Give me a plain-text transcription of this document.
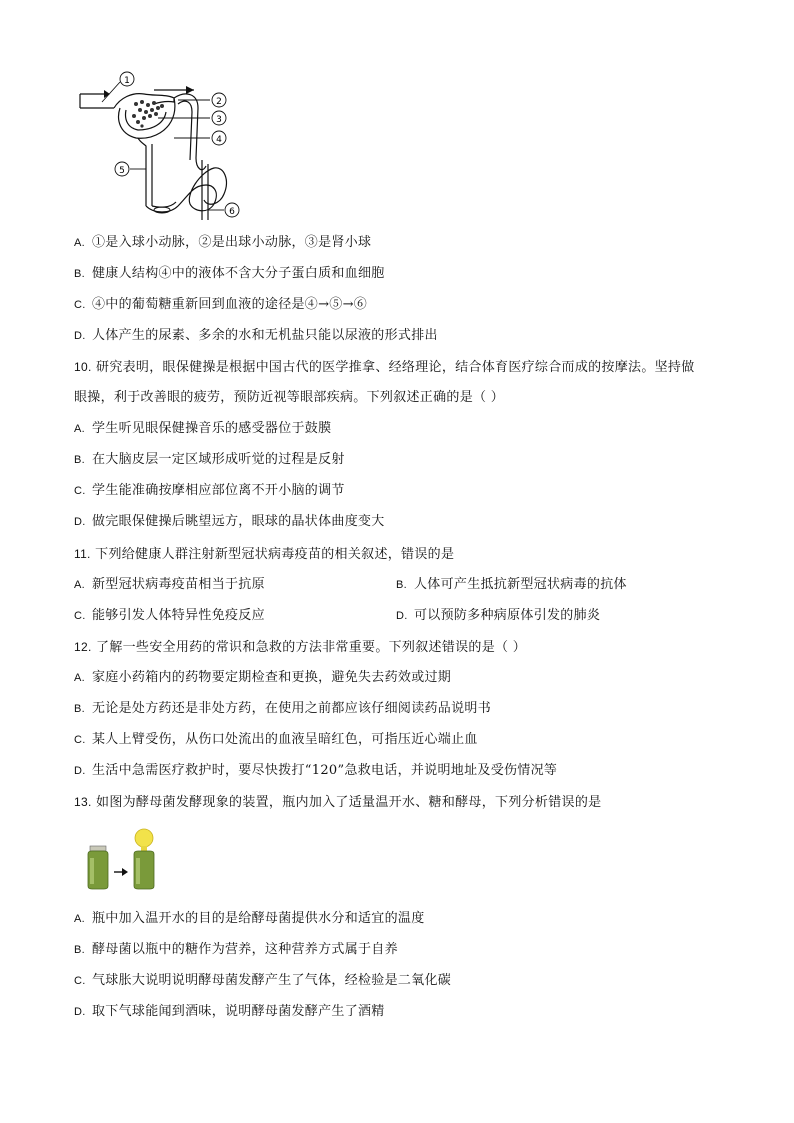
1
2
3
4
5
6
A. ①是入球小动脉，②是出球小动脉，③是肾小球
B. 健康人结构④中的液体不含大分子蛋白质和血细胞
C. ④中的葡萄糖重新回到血液的途径是④→⑤→⑥
D. 人体产生的尿素、多余的水和无机盐只能以尿液的形式排出
10. 研究表明，眼保健操是根据中国古代的医学推拿、经络理论，结合体育医疗综合而成的按摩法。坚持做
眼操，利于改善眼的疲劳，预防近视等眼部疾病。下列叙述正确的是（ ）
A. 学生听见眼保健操音乐的感受器位于鼓膜
B. 在大脑皮层一定区域形成听觉的过程是反射
C. 学生能准确按摩相应部位离不开小脑的调节
D. 做完眼保健操后眺望远方，眼球的晶状体曲度变大
11. 下列给健康人群注射新型冠状病毒疫苗的相关叙述，错误的是
A. 新型冠状病毒疫苗相当于抗原	B. 人体可产生抵抗新型冠状病毒的抗体
C. 能够引发人体特异性免疫反应	D. 可以预防多种病原体引发的肺炎
12. 了解一些安全用药的常识和急救的方法非常重要。下列叙述错误的是（ ）
A. 家庭小药箱内的药物要定期检查和更换，避免失去药效或过期
B. 无论是处方药还是非处方药，在使用之前都应该仔细阅读药品说明书
C. 某人上臂受伤，从伤口处流出的血液呈暗红色，可指压近心端止血
D. 生活中急需医疗救护时，要尽快拨打“120”急救电话，并说明地址及受伤情况等
13. 如图为酵母菌发酵现象的装置，瓶内加入了适量温开水、糖和酵母，下列分析错误的是
A. 瓶中加入温开水的目的是给酵母菌提供水分和适宜的温度
B. 酵母菌以瓶中的糖作为营养，这种营养方式属于自养
C. 气球胀大说明说明酵母菌发酵产生了气体，经检验是二氧化碳
D. 取下气球能闻到酒味，说明酵母菌发酵产生了酒精
